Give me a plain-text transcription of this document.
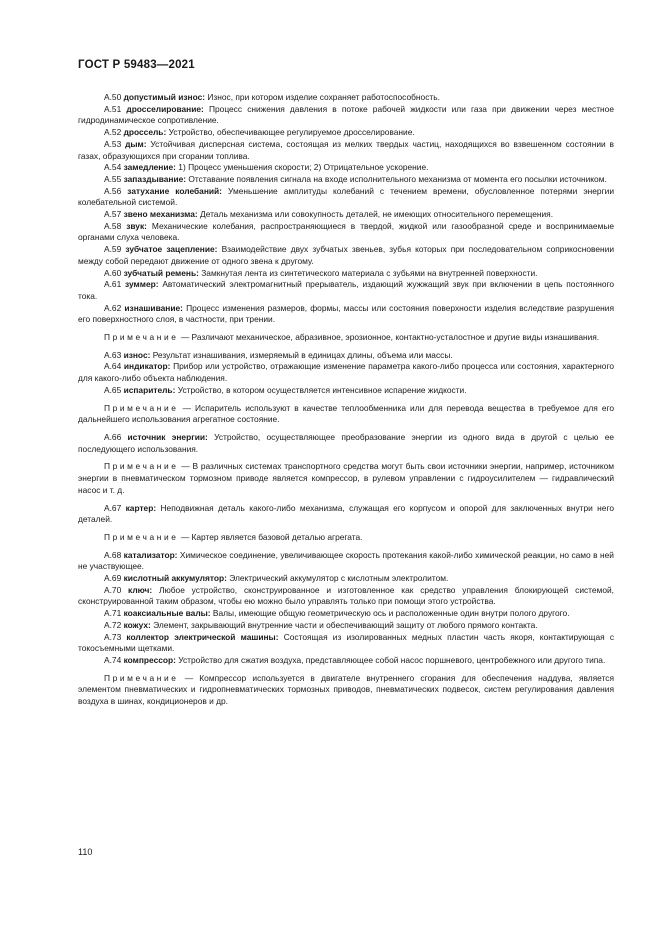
ГОСТ Р 59483—2021

А.50 допустимый износ: Износ, при котором изделие сохраняет работоспособность.

А.51 дросселирование: Процесс снижения давления в потоке рабочей жидкости или газа при движении через местное гидродинамическое сопротивление.

А.52 дроссель: Устройство, обеспечивающее регулируемое дросселирование.

А.53 дым: Устойчивая дисперсная система, состоящая из мелких твердых частиц, находящихся во взвешенном состоянии в газах, образующихся при сгорании топлива.

А.54 замедление: 1) Процесс уменьшения скорости; 2) Отрицательное ускорение.

А.55 запаздывание: Отставание появления сигнала на входе исполнительного механизма от момента его посылки источником.

А.56 затухание колебаний: Уменьшение амплитуды колебаний с течением времени, обусловленное потерями энергии колебательной системой.

А.57 звено механизма: Деталь механизма или совокупность деталей, не имеющих относительного перемещения.

А.58 звук: Механические колебания, распространяющиеся в твердой, жидкой или газообразной среде и воспринимаемые органами слуха человека.

А.59 зубчатое зацепление: Взаимодействие двух зубчатых звеньев, зубья которых при последовательном соприкосновении между собой передают движение от одного звена к другому.

А.60 зубчатый ремень: Замкнутая лента из синтетического материала с зубьями на внутренней поверхности.

А.61 зуммер: Автоматический электромагнитный прерыватель, издающий жужжащий звук при включении в цепь постоянного тока.

А.62 изнашивание: Процесс изменения размеров, формы, массы или состояния поверхности изделия вследствие разрушения его поверхностного слоя, в частности, при трении.

Примечание — Различают механическое, абразивное, эрозионное, контактно-усталостное и другие виды изнашивания.

А.63 износ: Результат изнашивания, измеряемый в единицах длины, объема или массы.

А.64 индикатор: Прибор или устройство, отражающие изменение параметра какого-либо процесса или состояния, характерного для какого-либо объекта наблюдения.

А.65 испаритель: Устройство, в котором осуществляется интенсивное испарение жидкости.

Примечание — Испаритель используют в качестве теплообменника или для перевода вещества в требуемое для его дальнейшего использования агрегатное состояние.

А.66 источник энергии: Устройство, осуществляющее преобразование энергии из одного вида в другой с целью ее последующего использования.

Примечание — В различных системах транспортного средства могут быть свои источники энергии, например, источником энергии в пневматическом тормозном приводе является компрессор, в рулевом управлении с гидроусилителем — гидравлический насос и т. д.

А.67 картер: Неподвижная деталь какого-либо механизма, служащая его корпусом и опорой для заключенных внутри него деталей.

Примечание — Картер является базовой деталью агрегата.

А.68 катализатор: Химическое соединение, увеличивающее скорость протекания какой-либо химической реакции, но само в ней не участвующее.

А.69 кислотный аккумулятор: Электрический аккумулятор с кислотным электролитом.

А.70 ключ: Любое устройство, сконструированное и изготовленное как средство управления блокирующей системой, сконструированной таким образом, чтобы ею можно было управлять только при помощи этого устройства.

А.71 коаксиальные валы: Валы, имеющие общую геометрическую ось и расположенные один внутри полого другого.

А.72 кожух: Элемент, закрывающий внутренние части и обеспечивающий защиту от любого прямого контакта.

А.73 коллектор электрической машины: Состоящая из изолированных медных пластин часть якоря, контактирующая с токосъемными щетками.

А.74 компрессор: Устройство для сжатия воздуха, представляющее собой насос поршневого, центробежного или другого типа.

Примечание — Компрессор используется в двигателе внутреннего сгорания для обеспечения наддува, является элементом пневматических и гидропневматических тормозных приводов, пневматических подвесок, систем регулирования давления воздуха в шинах, кондиционеров и др.

110
